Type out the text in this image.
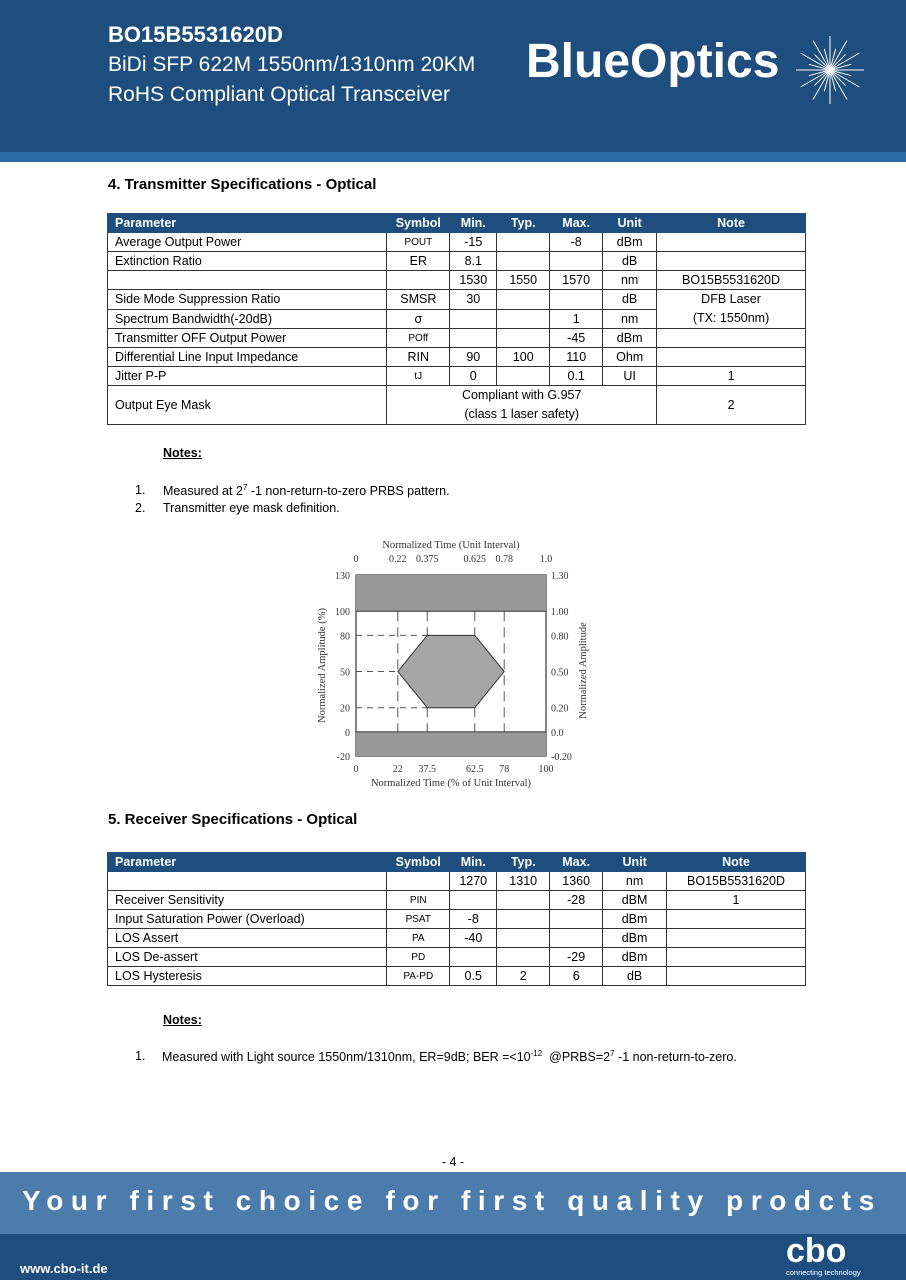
BO15B5531620D
BiDi SFP 622M 1550nm/1310nm 20KM
RoHS Compliant Optical Transceiver
BlueOptics
4. Transmitter Specifications - Optical
Parameter	Symbol	Min.	Typ.	Max.	Unit	Note
Average Output Power	POUT	-15		-8	dBm	
Extinction Ratio	ER	8.1			dB	
		1530	1550	1570	nm	BO15B5531620D
Side Mode Suppression Ratio	SMSR	30			dB	DFB Laser
(TX: 1550nm)
Spectrum Bandwidth(-20dB)	σ			1	nm	
Transmitter OFF Output Power	POff			-45	dBm	
Differential Line Input Impedance	RIN	90	100	110	Ohm	
Jitter P-P	tJ	0		0.1	UI	1
Output Eye Mask	Compliant with G.957
(class 1 laser safety)					2
Notes:
1. Measured at $2^7$ -1 non-return-to-zero PRBS pattern.
2. Transmitter eye mask definition.
130
100
80
50
20
0
-20
1.30
1.00
0.80
0.50
0.20
0.0
-0.20
0	22 37.5	62.5 78	100
0	0.22 0.375	0.625 0.78	1.0
Normalized Time (Unit Interval)
Normalized Time (% of Unit Interval)
Normalized Amplitude (%)	Normalized Amplitude
5. Receiver Specifications - Optical
Parameter	Symbol	Min.	Typ.	Max.	Unit	Note
		1270	1310	1360	nm	BO15B5531620D
Receiver Sensitivity	PIN			-28	dBM	1
Input Saturation Power (Overload)	PSAT	-8			dBm	
LOS Assert	PA	-40			dBm	
LOS De-assert	PD			-29	dBm	
LOS Hysteresis	PA-PD	0.5	2	6	dB	
Notes:
1. Measured with Light source 1550nm/1310nm, ER=9dB; BER $=<10^{-12}$  $@PRBS=2^7$ -1 non-return-to-zero.
- 4 -
Your first choice for first quality prodcts
www.cbo-it.de	cbo
connecting technology
